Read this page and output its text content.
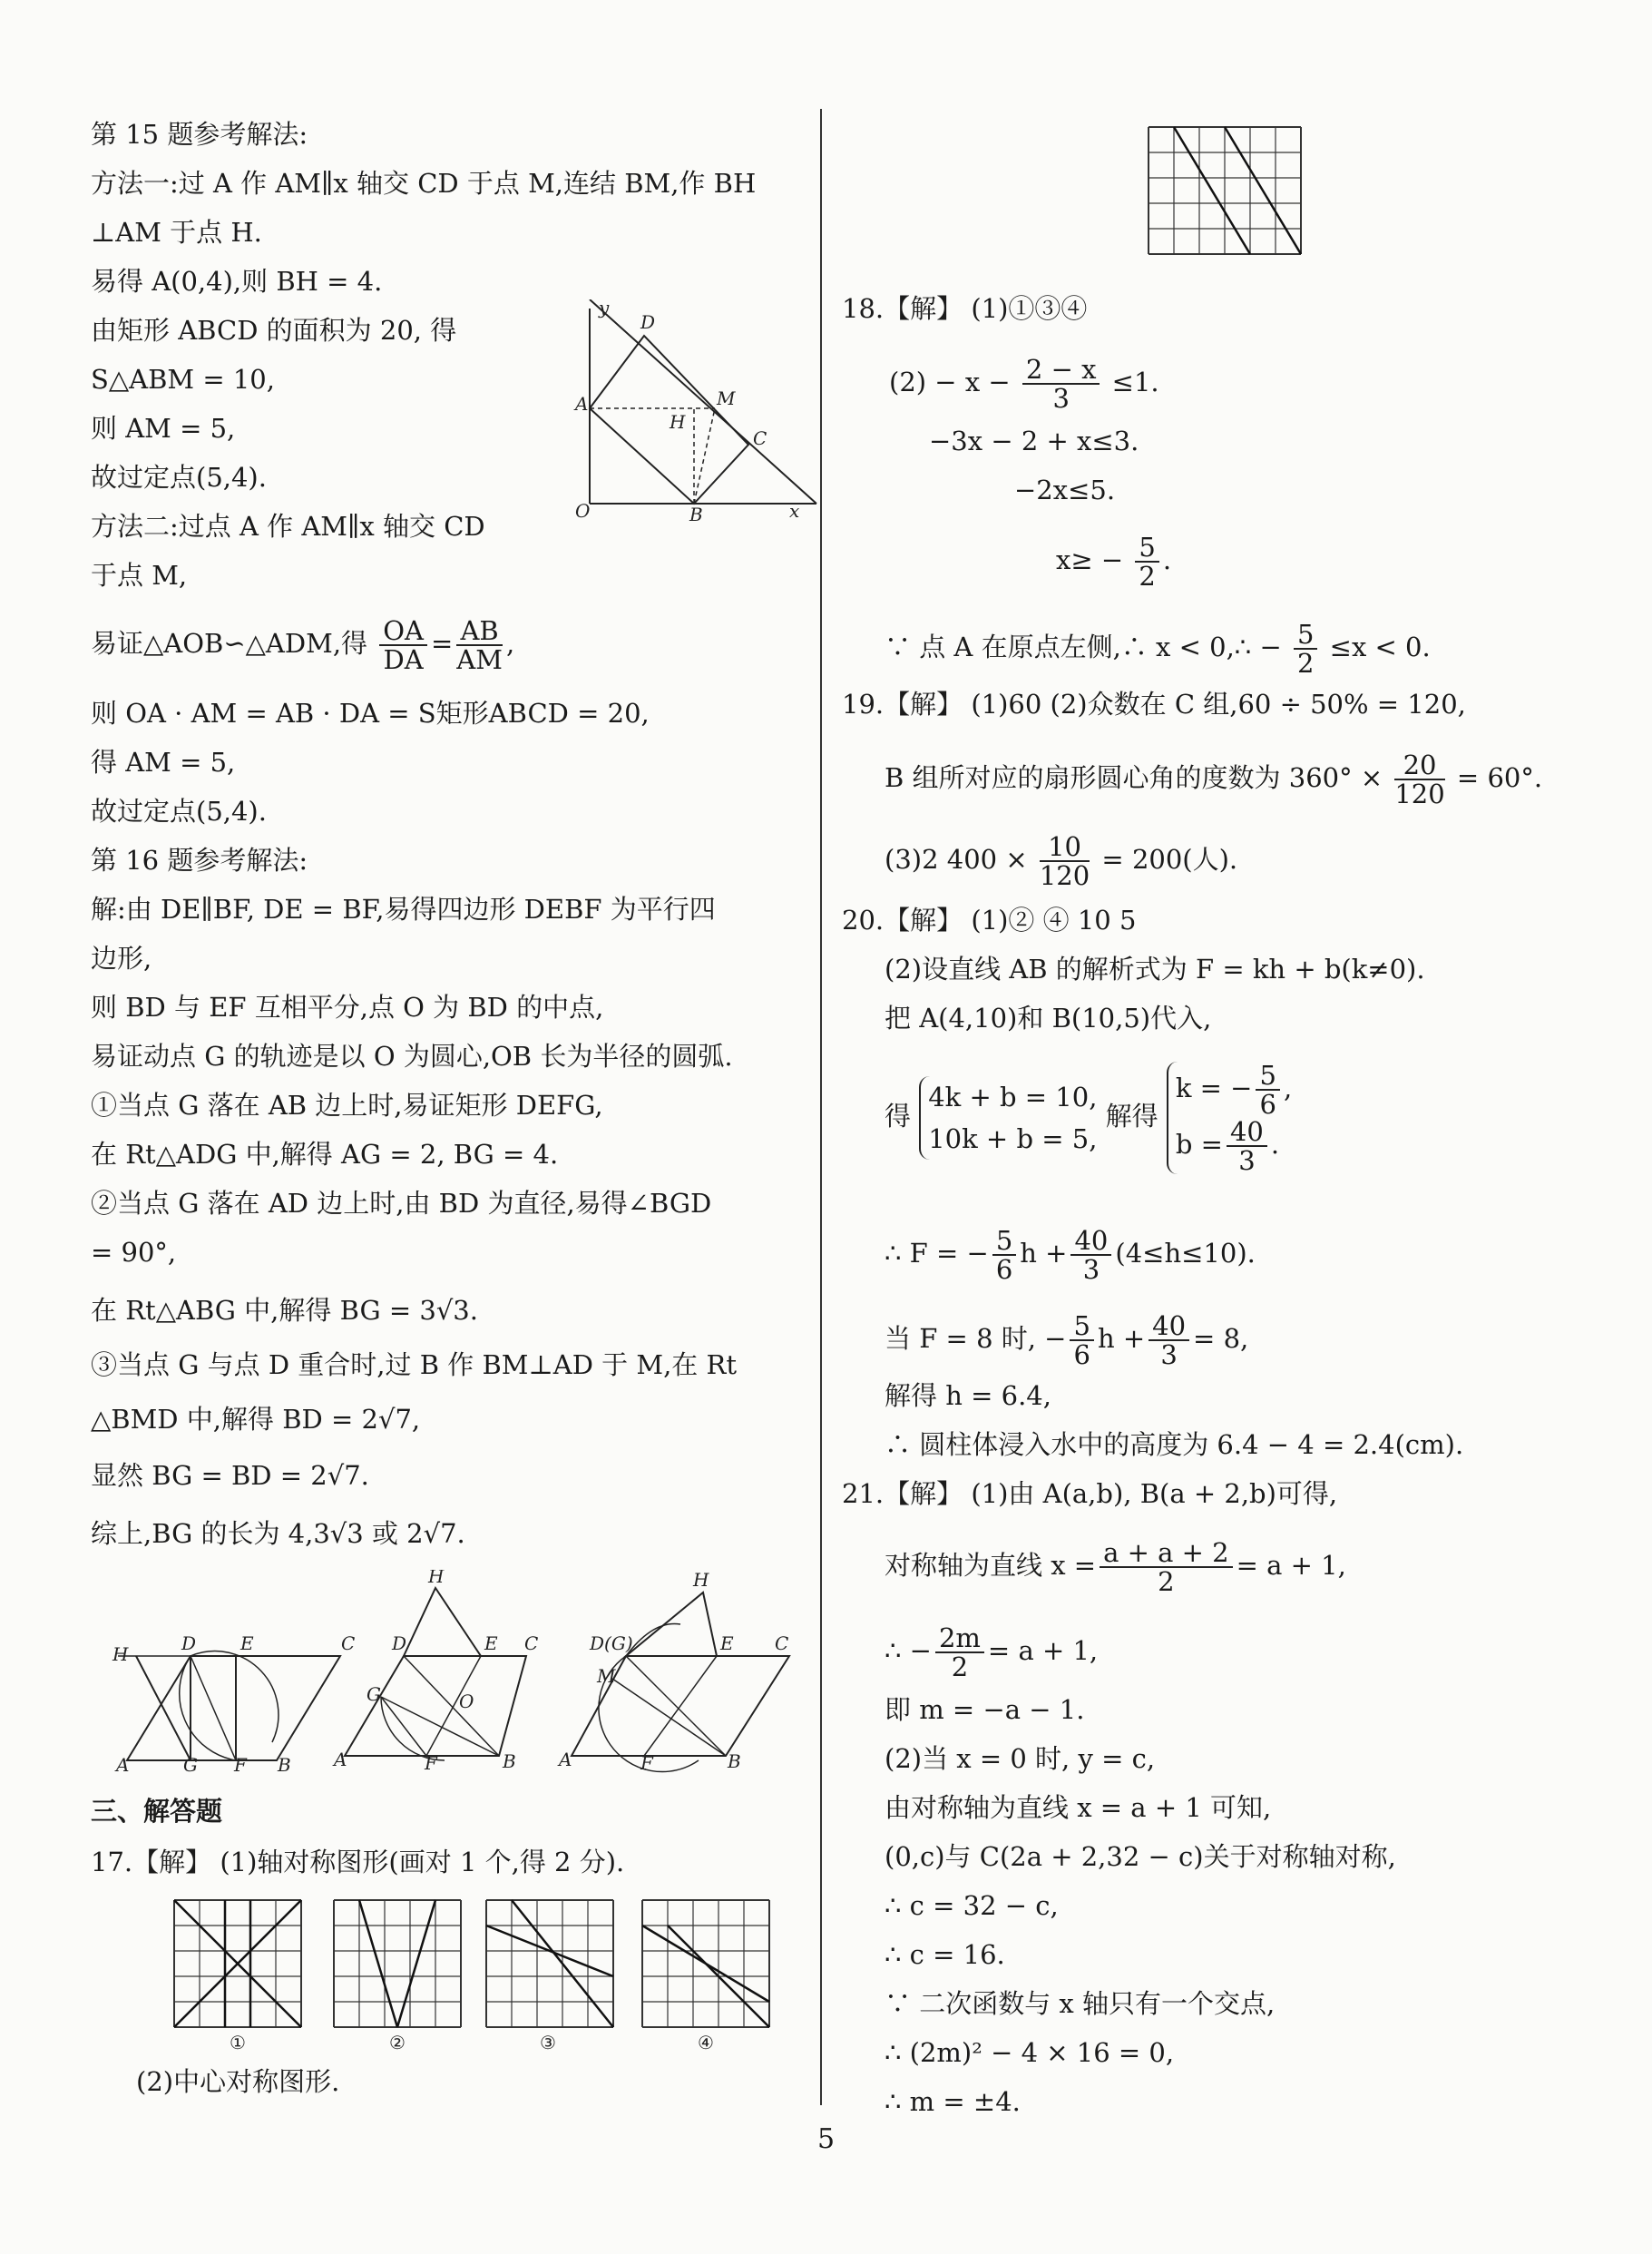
第 15 题参考解法:
方法一:过 A 作 AM∥x 轴交 CD 于点 M,连结 BM,作 BH
⊥AM 于点 H.
易得 A(0,4),则 BH = 4.
由矩形 ABCD 的面积为 20, 得
S△ABM = 10,
则 AM = 5,
故过定点(5,4).
方法二:过点 A 作 AM∥x 轴交 CD
于点 M,
易证△AOB∽△ADM,得 $\frac{OA}{DA} = \frac{AB}{AM}$ ,
则 OA · AM = AB · DA = S矩形ABCD = 20,
得 AM = 5,
故过定点(5,4).
第 16 题参考解法:
解:由 DE∥BF, DE = BF,易得四边形 DEBF 为平行四
边形,
则 BD 与 EF 互相平分,点 O 为 BD 的中点,
易证动点 G 的轨迹是以 O 为圆心,OB 长为半径的圆弧.
①当点 G 落在 AB 边上时,易证矩形 DEFG,
在 Rt△ADG 中,解得 AG = 2, BG = 4.
②当点 G 落在 AD 边上时,由 BD 为直径,易得∠BGD
= 90°,
在 Rt△ABG 中,解得 BG = 3√3.
③当点 G 与点 D 重合时,过 B 作 BM⊥AD 于 M,在 Rt
△BMD 中,解得 BD = 2√7,
显然 BG = BD = 2√7.
综上,BG 的长为 4,3√3 或 2√7.
三、解答题
17.【解】 (1)轴对称图形(画对 1 个,得 2 分).
(2)中心对称图形.
y
D
A	M
H
C
O	B	x
H	D E	C
A	G F B
H
D	E C
G	O
A	F	B
H
D(G)	E C
M
A	F	B
①	②	③	④
18.【解】 (1)①③④
$(2) - x - \frac{2 - x}{3} \le 1$.
−3x − 2 + x≤3.
−2x≤5.
$x\ge - \frac{5}{2}$ .
∵ 点 A 在原点左侧,∴ x < 0,∴ − $\frac{5}{2} \le x < 0$.
19.【解】 (1)60 (2)众数在 C 组,60 ÷ 50% = 120,
B 组所对应的扇形圆心角的度数为 $360^\circ \times \frac{20}{120} = 60^\circ$.
(3)2 $400 \times \frac{10}{120} = 200$(人).
20.【解】 (1)② ④ 10 5
(2)设直线 AB 的解析式为 F = kh + b(k≠0).
把 A(4,10)和 B(10,5)代入,
得 4k + b = 10,
10k + b = 5, 解得 k = − $\frac{5}{6}$ ,
$b = \frac{40}{3}$ .
∴ F = − $\frac{5}{6}$ $h + \frac{40}{3} (4\le h\le 10)$.
当 F = 8 时, − $\frac{5}{6}$ $h + \frac{40}{3} = 8$,
解得 h = 6.4,
∴ 圆柱体浸入水中的高度为 6.4 − 4 = 2.4(cm).
21.【解】 (1)由 A(a,b), B(a + 2,b)可得,
对称轴为直线 $x = \frac{a + a + 2}{2} = a + 1$,
∴ − $\frac{2m}{2} = a + 1$,
即 m = −a − 1.
(2)当 x = 0 时, y = c,
由对称轴为直线 x = a + 1 可知,
(0,c)与 C(2a + 2,32 − c)关于对称轴对称,
∴ c = 32 − c,
∴ c = 16.
∵ 二次函数与 x 轴只有一个交点,
∴ (2m)² − 4 × 16 = 0,
∴ m = ±4.
5
